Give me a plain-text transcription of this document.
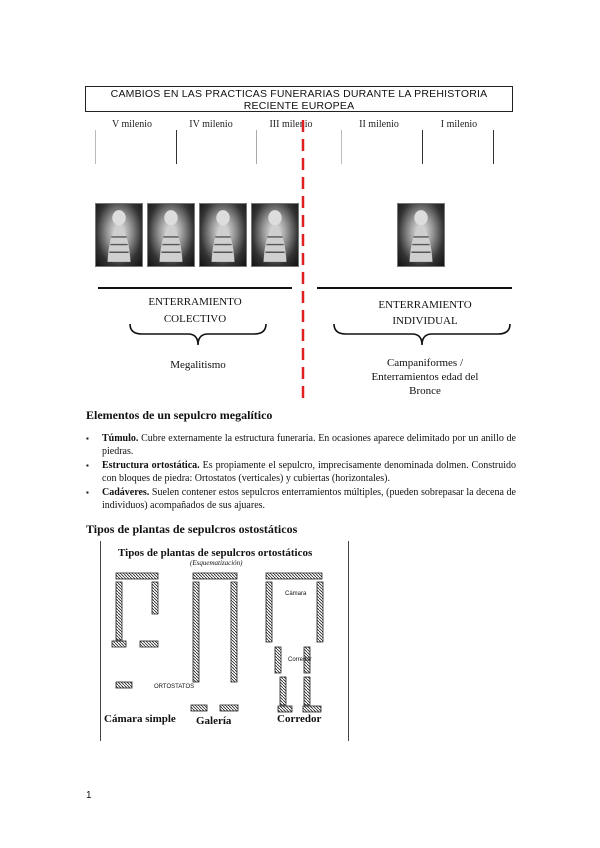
CAMBIOS EN LAS PRACTICAS FUNERARIAS DURANTE LA PREHISTORIA
RECIENTE EUROPEA
V milenio	IV milenio	III milenio	II milenio	I milenio
ENTERRAMIENTO
COLECTIVO
Megalitismo
ENTERRAMIENTO
INDIVIDUAL
Campaniformes /
Enterramientos edad del
Bronce
Elementos de un sepulcro megalítico
▪ Túmulo. Cubre externamente la estructura funeraria. En ocasiones aparece delimitado por un anillo de piedras.
▪ Estructura ortostática. Es propiamente el sepulcro, imprecisamente denominada dolmen. Construido con bloques de piedra: Ortostatos (verticales) y cubiertas (horizontales).
▪ Cadáveres. Suelen contener estos sepulcros enterramientos múltiples, (pueden sobrepasar la decena de individuos) acompañados de sus ajuares.
Tipos de plantas de sepulcros ostostáticos
Tipos de plantas de sepulcros ortostáticos
(Esquematización)
ORTOSTATOS
Cámara
Corredor
Cámara simple Galería	Corredor
1
